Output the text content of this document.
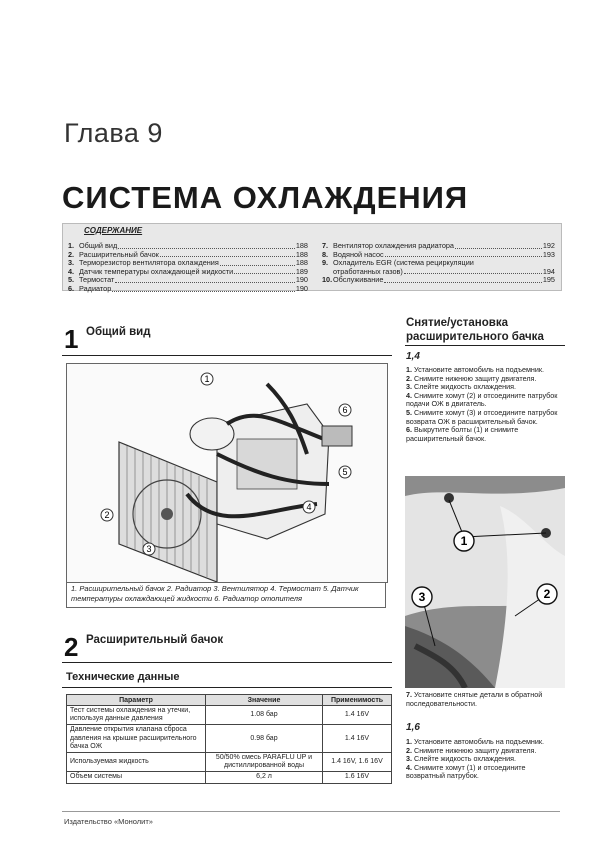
Глава 9
СИСТЕМА ОХЛАЖДЕНИЯ
СОДЕРЖАНИЕ
1. Общий вид	188
2. Расширительный бачок	188
3. Терморезистор вентилятора охлаждения	188
4. Датчик температуры охлаждающей жидкости	189
5. Термостат	190
6. Радиатор	190
7. Вентилятор охлаждения радиатора	192
8. Водяной насос	193
9. Охладитель EGR (система рециркуляции
отработанных газов)	194
10. Обслуживание	195
1 Общий вид
1
2
3
4
5
6
1. Расширительный бачок 2. Радиатор 3. Вентилятор 4. Термостат 5. Датчик температуры охлаждающей жидкости 6. Радиатор отопителя
2 Расширительный бачок
Технические данные
Параметр	Значение	Применимость
Тест системы охлаждения на утечки, используя данные давления	1.08 бар	1.4 16V
Давление открытия клапана сброса давления на крышке расширительного бачка ОЖ	0.98 бар	1.4 16V
Используемая жидкость	50/50% смесь PARAFLU UP и дистиллированной воды	1.4 16V, 1.6 16V
Объем системы	6,2 л	1.6 16V
Снятие/установка
расширительного бачка
1,4
1. Установите автомобиль на подъемник.
2. Снимите нижнюю защиту двигателя.
3. Слейте жидкость охлаждения.
4. Снимите хомут (2) и отсоедините патрубок подачи ОЖ в двигатель.
5. Снимите хомут (3) и отсоедините патрубок возврата ОЖ в расширительный бачок.
6. Выкрутите болты (1) и снимите расширительный бачок.
1
2
3
7. Установите снятые детали в обратной последовательности.
1,6
1. Установите автомобиль на подъемник.
2. Снимите нижнюю защиту двигателя.
3. Слейте жидкость охлаждения.
4. Снимите хомут (1) и отсоедините возвратный патрубок.
Издательство «Монолит»
